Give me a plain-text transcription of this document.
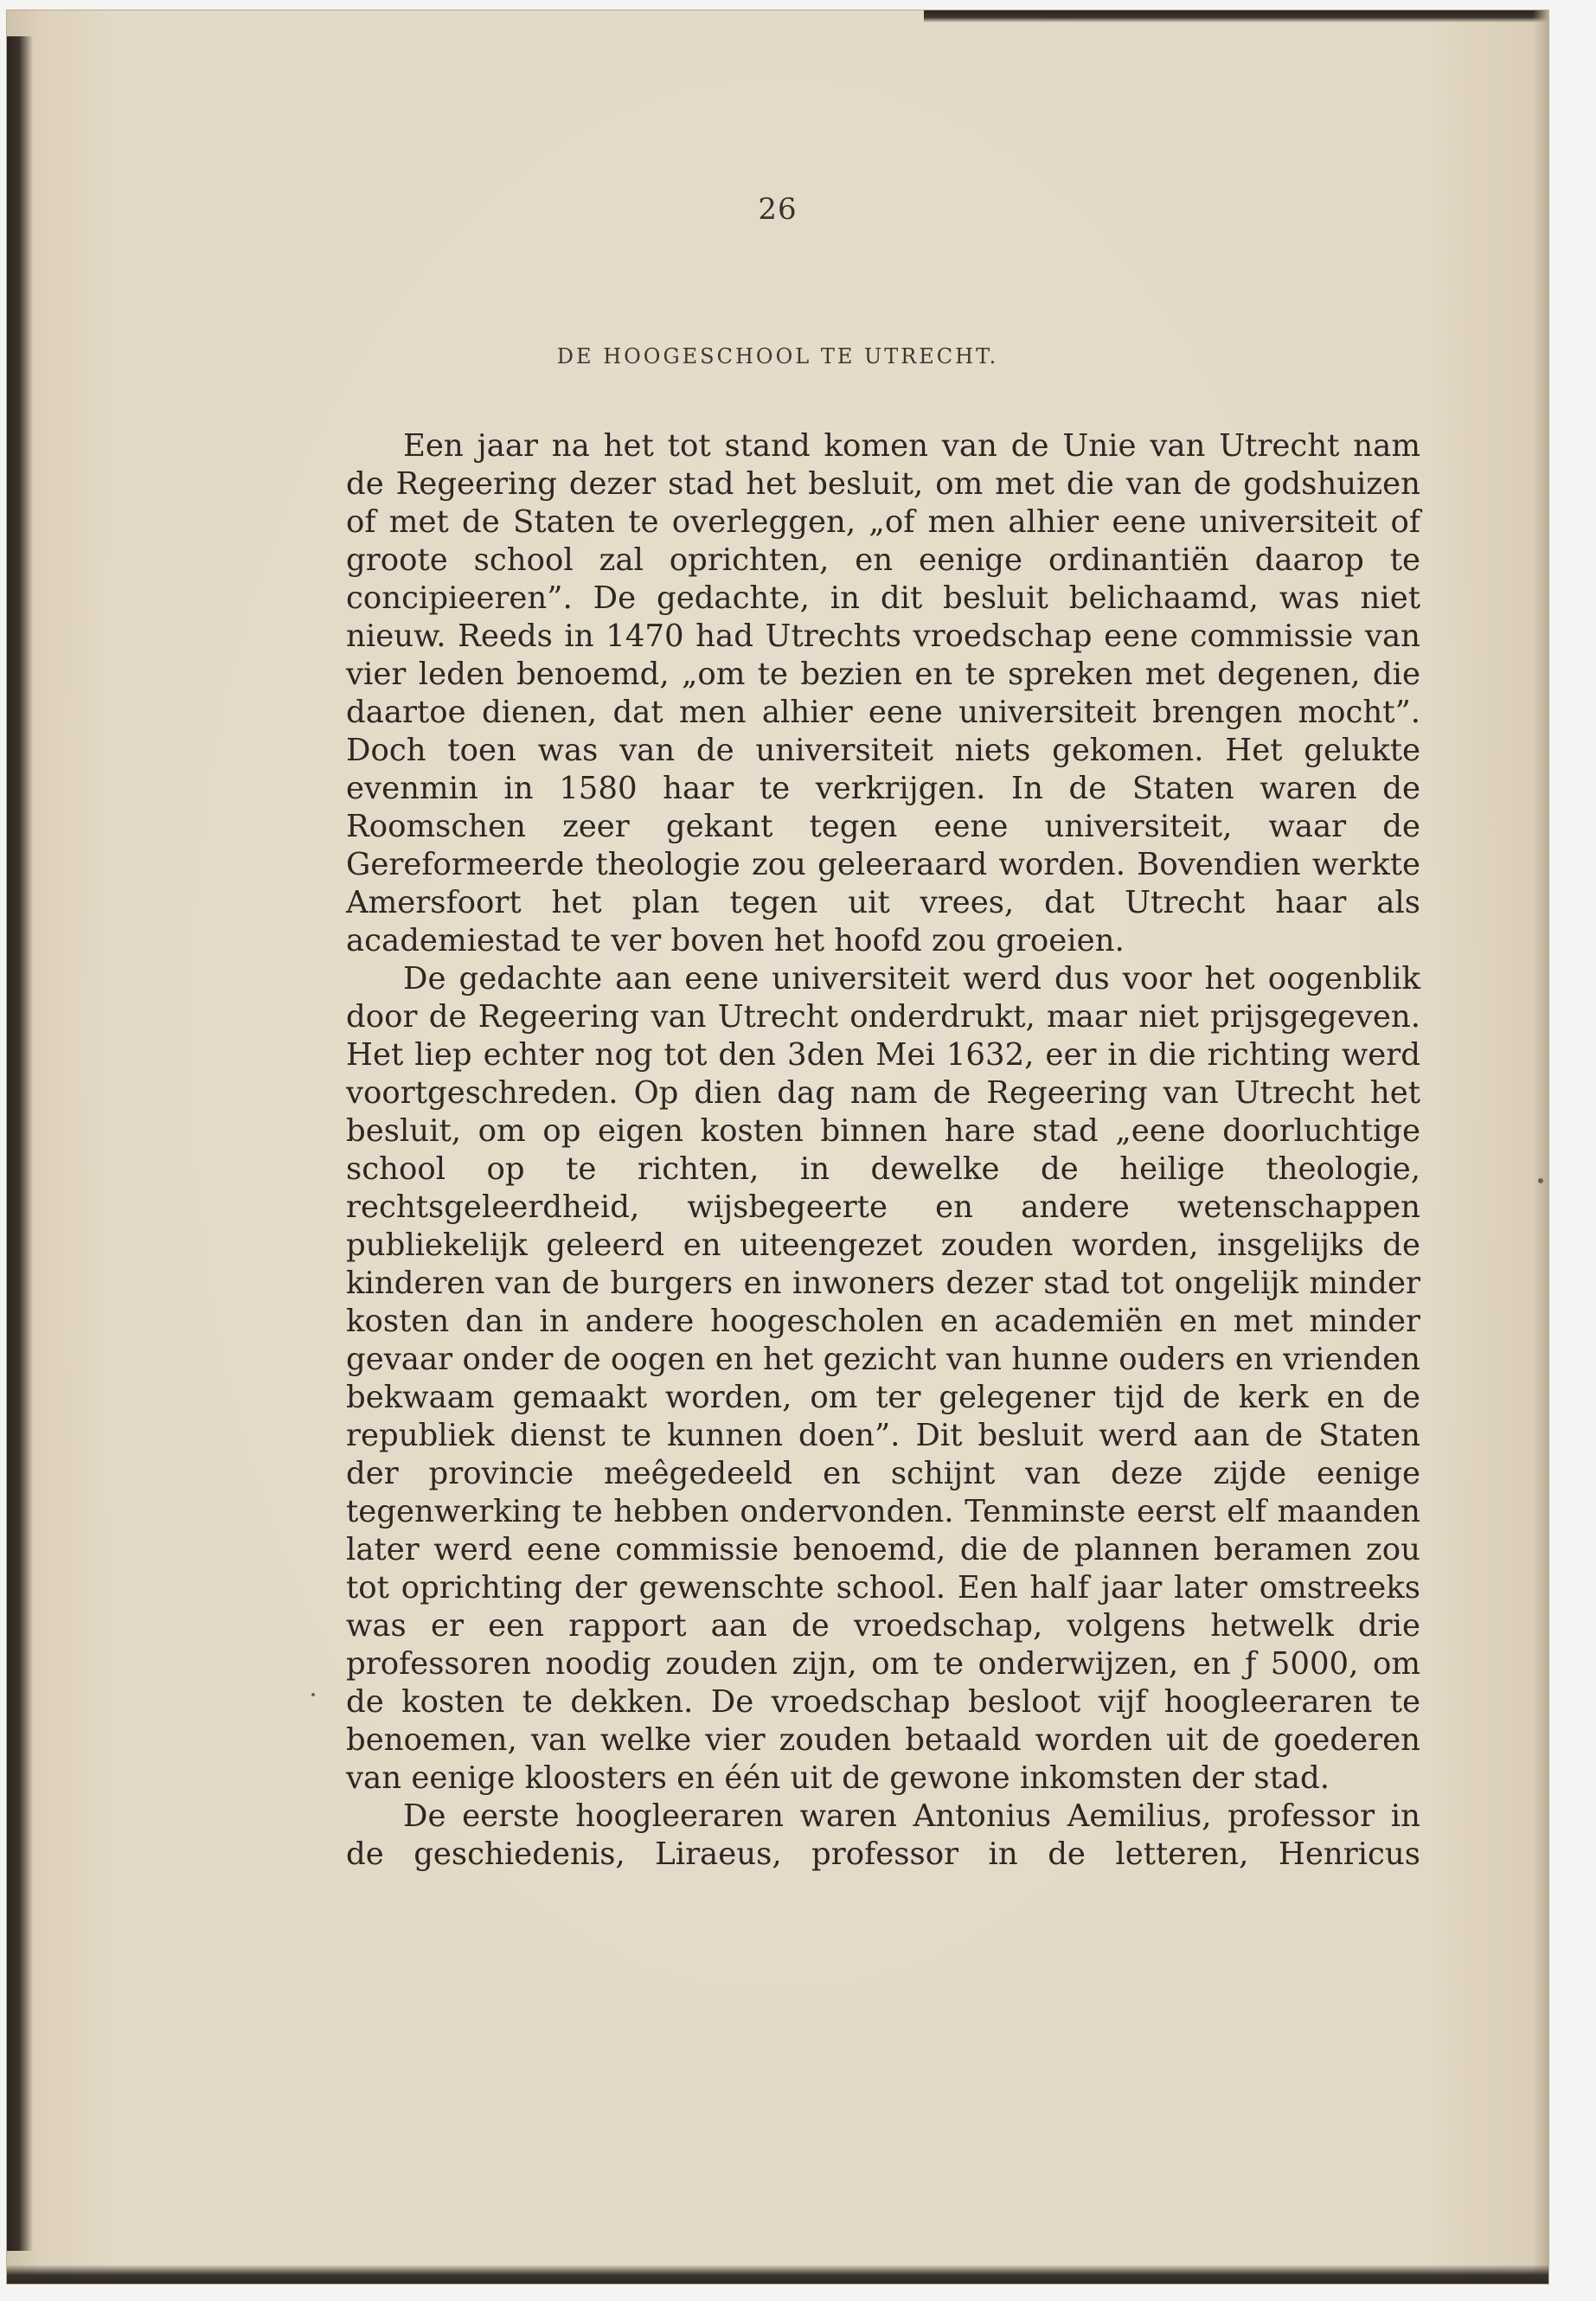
26
DE HOOGESCHOOL TE UTRECHT.

Een jaar na het tot stand komen van de Unie van Utrecht nam de Regeering dezer stad het besluit, om met die van de godshuizen of met de Staten te overleggen, „of men alhier eene universiteit of groote school zal oprichten, en eenige ordinantiën daarop te concipieeren”. De gedachte, in dit besluit belichaamd, was niet nieuw. Reeds in 1470 had Utrechts vroedschap eene commissie van vier leden benoemd, „om te bezien en te spreken met degenen, die daartoe dienen, dat men alhier eene universiteit brengen mocht”. Doch toen was van de universiteit niets gekomen. Het gelukte evenmin in 1580 haar te verkrijgen. In de Staten waren de Roomschen zeer gekant tegen eene universiteit, waar de Gereformeerde theologie zou geleeraard worden. Bovendien werkte Amersfoort het plan tegen uit vrees, dat Utrecht haar als academiestad te ver boven het hoofd zou groeien.

De gedachte aan eene universiteit werd dus voor het oogenblik door de Regeering van Utrecht onderdrukt, maar niet prijsgegeven. Het liep echter nog tot den 3den Mei 1632, eer in die richting werd voortgeschreden. Op dien dag nam de Regeering van Utrecht het besluit, om op eigen kosten binnen hare stad „eene doorluchtige school op te richten, in dewelke de heilige theologie, rechtsgeleerdheid, wijsbegeerte en andere wetenschappen publiekelijk geleerd en uiteengezet zouden worden, insgelijks de kinderen van de burgers en inwoners dezer stad tot ongelijk minder kosten dan in andere hoogescholen en academiën en met minder gevaar onder de oogen en het gezicht van hunne ouders en vrienden bekwaam gemaakt worden, om ter gelegener tijd de kerk en de republiek dienst te kunnen doen”. Dit besluit werd aan de Staten der provincie meêgedeeld en schijnt van deze zijde eenige tegenwerking te hebben ondervonden. Tenminste eerst elf maanden later werd eene commissie benoemd, die de plannen beramen zou tot oprichting der gewenschte school. Een half jaar later omstreeks was er een rapport aan de vroedschap, volgens hetwelk drie professoren noodig zouden zijn, om te onderwijzen, en ƒ 5000, om de kosten te dekken. De vroedschap besloot vijf hoogleeraren te benoemen, van welke vier zouden betaald worden uit de goederen van eenige kloosters en één uit de gewone inkomsten der stad.

De eerste hoogleeraren waren Antonius Aemilius, professor in de geschiedenis, Liraeus, professor in de letteren, Henricus
